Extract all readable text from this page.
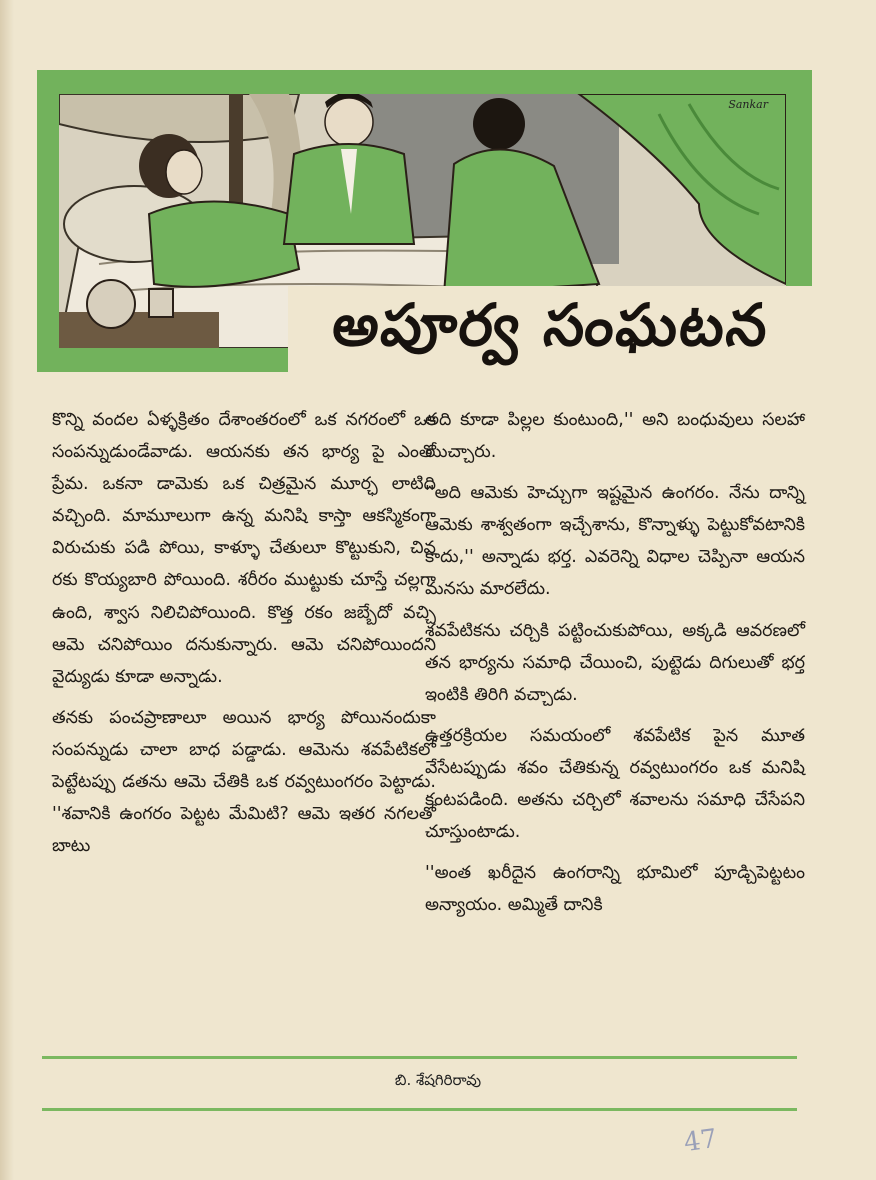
Sankar
అపూర్వ సంఘటన

కొన్ని వందల ఏళ్ళక్రితం దేశాంతరంలో ఒక నగరంలో ఒక సంపన్నుడుండేవాడు. ఆయనకు తన భార్య పై ఎంతో ప్రేమ. ఒకనా డామెకు ఒక చిత్రమైన మూర్ఛ లాటిది వచ్చింది. మామూలుగా ఉన్న మనిషి కాస్తా ఆకస్మికంగా విరుచుకు పడి పోయి, కాళ్ళూ చేతులూ కొట్టుకుని, చివ రకు కొయ్యబారి పోయింది. శరీరం ముట్టుకు చూస్తే చల్లగా ఉంది, శ్వాస నిలిచిపోయింది. కొత్త రకం జబ్బేదో వచ్చి ఆమె చనిపోయిం దనుకున్నారు. ఆమె చనిపోయిందని వైద్యుడు కూడా అన్నాడు.

తనకు పంచప్రాణాలూ అయిన భార్య పోయినందుకా సంపన్నుడు చాలా బాధ పడ్డాడు. ఆమెను శవపేటికలో పెట్టేటప్పు డతను ఆమె చేతికి ఒక రవ్వటుంగరం పెట్టాడు. ''శవానికి ఉంగరం పెట్టట మేమిటి? ఆమె ఇతర నగలతో బాటు

అది కూడా పిల్లల కుంటుంది,'' అని బంధువులు సలహా యిచ్చారు.

''అది ఆమెకు హెచ్చుగా ఇష్టమైన ఉంగరం. నేను దాన్ని ఆమెకు శాశ్వతంగా ఇచ్చేశాను, కొన్నాళ్ళు పెట్టుకోవటానికి కాదు,'' అన్నాడు భర్త. ఎవరెన్ని విధాల చెప్పినా ఆయన మనసు మారలేదు.

శవపేటికను చర్చికి పట్టించుకుపోయి, అక్కడి ఆవరణలో తన భార్యను సమాధి చేయించి, పుట్టెడు దిగులుతో భర్త ఇంటికి తిరిగి వచ్చాడు.

ఉత్తరక్రియల సమయంలో శవపేటిక పైన మూత వేసేటప్పుడు శవం చేతికున్న రవ్వటుంగరం ఒక మనిషి కంటపడింది. అతను చర్చిలో శవాలను సమాధి చేసేపని చూస్తుంటాడు.

''అంత ఖరీదైన ఉంగరాన్ని భూమిలో పూడ్చిపెట్టటం అన్యాయం. అమ్మితే దానికి

బి. శేషగిరిరావు
47
